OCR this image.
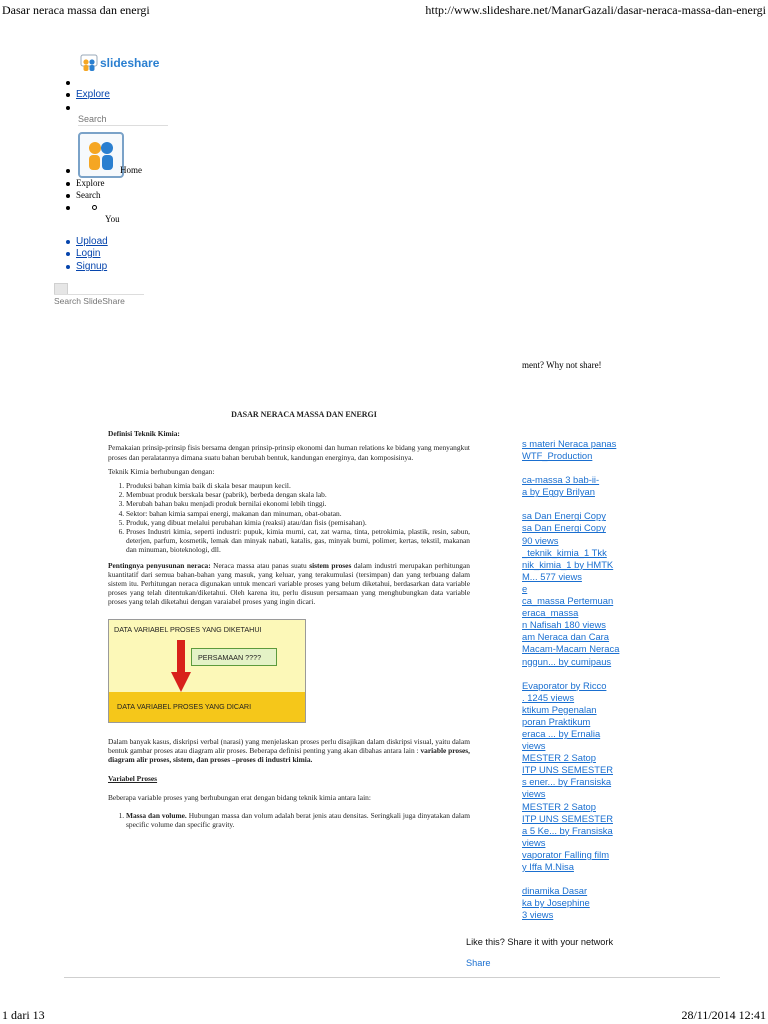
Dasar neraca massa dan energi	http://www.slideshare.net/ManarGazali/dasar-neraca-massa-dan-energi
slideshare
Explore
Search
Home
Explore
Search
You
Upload
Login
Signup
Search SlideShare
ment? Why not share!
DASAR NERACA MASSA DAN ENERGI

Definisi Teknik Kimia:

Pemakaian prinsip-prinsip fisis bersama dengan prinsip-prinsip ekonomi dan human relations ke bidang yang menyangkut proses dan peralatannya dimana suatu bahan berubah bentuk, kandungan energinya, dan komposisinya.

Teknik Kimia berhubungan dengan:

1. Produksi bahan kimia baik di skala besar maupun kecil.
2. Membuat produk berskala besar (pabrik), berbeda dengan skala lab.
3. Merubah bahan baku menjadi produk bernilai ekonomi lebih tinggi.
4. Sektor: bahan kimia sampai energi, makanan dan minuman, obat-obatan.
5. Produk, yang dibuat melalui perubahan kimia (reaksi) atau/dan fisis (pemisahan).
6. Proses Industri kimia, seperti industri: pupuk, kimia murni, cat, zat warna, tinta, petrokimia, plastik, resin, sabun, deterjen, parfum, kosmetik, lemak dan minyak nabati, katalis, gas, minyak bumi, polimer, kertas, tekstil, makanan dan minuman, bioteknologi, dll.

Pentingnya penyusunan neraca: Neraca massa atau panas suatu sistem proses dalam industri merupakan perhitungan kuantitatif dari semua bahan-bahan yang masuk, yang keluar, yang terakumulasi (tersimpan) dan yang terbuang dalam sistem itu. Perhitungan neraca digunakan untuk mencari variable proses yang belum diketahui, berdasarkan data variable proses yang telah ditentukan/diketahui. Oleh karena itu, perlu disusun persamaan yang menghubungkan data variable proses yang telah diketahui dengan varaiabel proses yang ingin dicari.

DATA VARIABEL PROSES YANG DIKETAHUI
PERSAMAAN ????
DATA VARIABEL PROSES YANG DICARI

Dalam banyak kasus, diskripsi verbal (narasi) yang menjelaskan proses perlu disajikan dalam diskripsi visual, yaitu dalam bentuk gambar proses atau diagram alir proses. Beberapa definisi penting yang akan dibahas antara lain : variable proses, diagram alir proses, sistem, dan proses –proses di industri kimia.

Variabel Proses

Beberapa variable proses yang berhubungan erat dengan bidang teknik kimia antara lain:

1. Massa dan volume. Hubungan massa dan volum adalah berat jenis atau densitas. Seringkali juga dinyatakan dalam specific volume dan specific gravity.
s materi Neraca panas
WTF_Production
ca-massa 3 bab-ii-
a by Eggy Brilyan
sa Dan Energi Copy
sa Dan Energi Copy
90 views
_teknik_kimia_1 Tkk
nik_kimia_1 by HMTK
M... 577 views
e
ca_massa Pertemuan
eraca_massa
n Nafisah 180 views
am Neraca dan Cara
Macam-Macam Neraca
nggun... by cumipaus
Evaporator by Ricco
. 1245 views
ktikum Pegenalan
poran Praktikum
eraca ... by Ernalia
views
MESTER 2 Satop
ITP UNS SEMESTER
s ener... by Fransiska
views
MESTER 2 Satop
ITP UNS SEMESTER
a 5 Ke... by Fransiska
views
vaporator Falling film
y Iffa M.Nisa
dinamika Dasar
ka by Josephine
3 views
Like this? Share it with your network
Share
1 dari 13	28/11/2014 12:41
